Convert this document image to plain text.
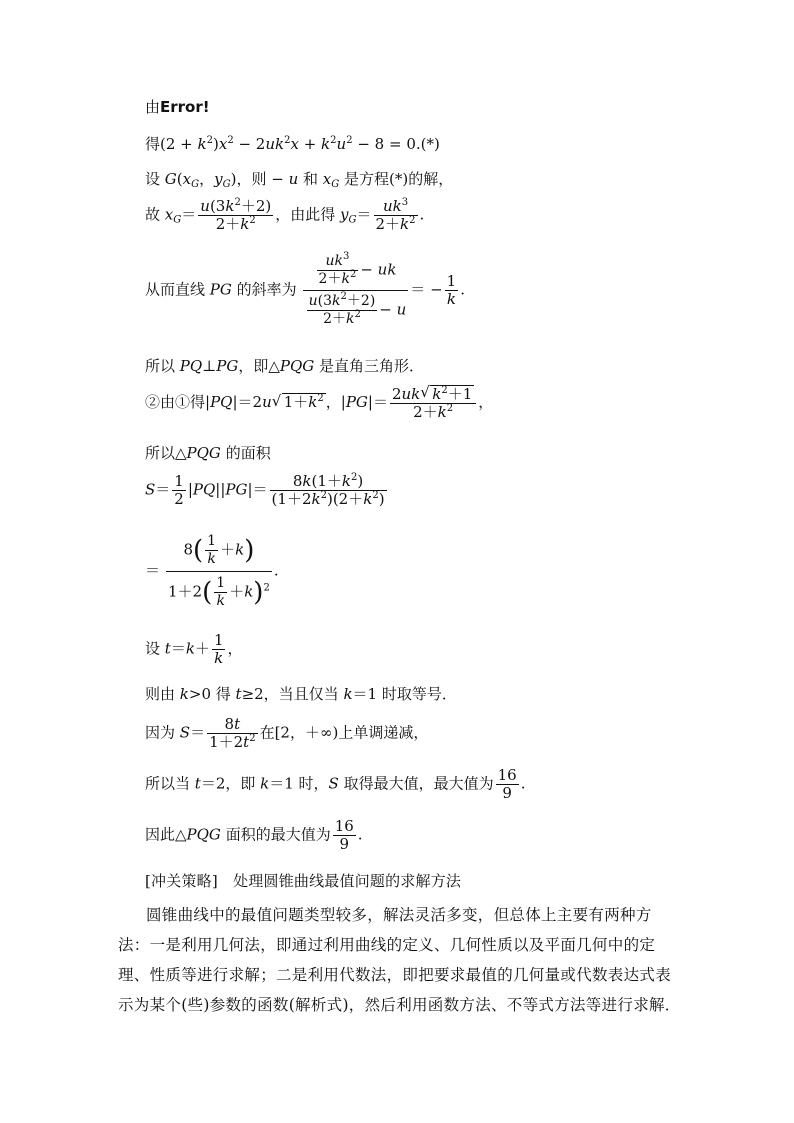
由Error!
得$(2 + k^2)x^2 - 2uk^2x + k^2u^2 - 8 = 0.(*)$
设 $G(x_G$，$y_G$)，则 − u 和 $x_G$ 是方程(*)的解，
故 $x_G= \frac{u(3k^2+2)}{2+k^2}$ ，由此得 $y_G= \frac{uk^3}{2+k^2}$ .
从而直线 PG 的斜率为 $\frac{\frac{uk^3}{2+k^2} - uk}{\frac{u(3k^2+2)}{2+k^2} - u}$ ＝ − $\frac{1}{k}$ .
所以 PQ⊥PG，即△PQG 是直角三角形．
②由①得|PQ|＝2u √ $1+k^2$ ，$|PG|= \frac{2uk √ k^2+1}{2+k^2}$ ，
所以△PQG 的面积
$S= \frac{1}{2} |PQ||PG|= \frac{8k(1+k^2)}{(1+2k^2)(2+k^2)}$
＝ $\frac{8( \frac{1}{k} +k)}{1+2( \frac{1}{k} +k)^2}$ .
设 $t=k+ \frac{1}{k}$ ，
则由 k>0 得 t≥2，当且仅当 k＝1 时取等号．
因为 $S= \frac{8t}{1+2t^2}$ 在[2，＋∞)上单调递减，
所以当 t＝2，即 k＝1 时，S 取得最大值，最大值为 $\frac{16}{9}$ .
因此△PQG 面积的最大值为 $\frac{16}{9}$ .
[冲关策略]　处理圆锥曲线最值问题的求解方法
圆锥曲线中的最值问题类型较多，解法灵活多变，但总体上主要有两种方法：一是利用几何法，即通过利用曲线的定义、几何性质以及平面几何中的定理、性质等进行求解；二是利用代数法，即把要求最值的几何量或代数表达式表示为某个(些)参数的函数(解析式)，然后利用函数方法、不等式方法等进行求解．
